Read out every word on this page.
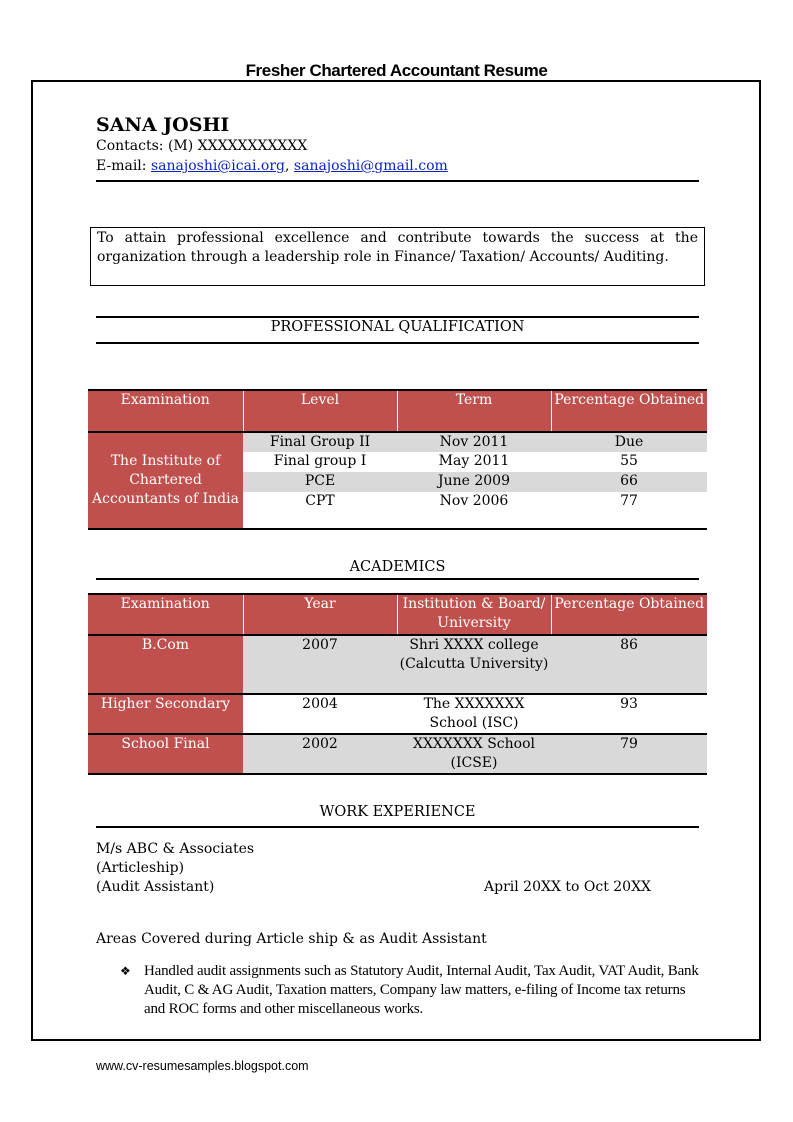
Fresher Chartered Accountant Resume
SANA JOSHI
Contacts: (M) XXXXXXXXXXX
E-mail: sanajoshi@icai.org, sanajoshi@gmail.com
To attain professional excellence and contribute towards the success at the organization through a leadership role in Finance/ Taxation/ Accounts/ Auditing.
PROFESSIONAL QUALIFICATION
Examination	Level	Term	Percentage Obtained
The Institute of Chartered Accountants of India	Final Group II	Nov 2011	Due
	Final group I	May 2011	55
	PCE	June 2009	66
	CPT	Nov 2006	77
ACADEMICS
Examination	Year	Institution & Board/ University	Percentage Obtained
B.Com	2007	Shri XXXX college (Calcutta University)	86
Higher Secondary	2004	The XXXXXXX School (ISC)	93
School Final	2002	XXXXXXX School (ICSE)	79
WORK EXPERIENCE
M/s ABC & Associates
(Articleship)
(Audit Assistant)	April 20XX to Oct 20XX
Areas Covered during Article ship & as Audit Assistant
❖ Handled audit assignments such as Statutory Audit, Internal Audit, Tax Audit, VAT Audit, Bank Audit, C & AG Audit, Taxation matters, Company law matters, e-filing of Income tax returns and ROC forms and other miscellaneous works.
www.cv-resumesamples.blogspot.com
